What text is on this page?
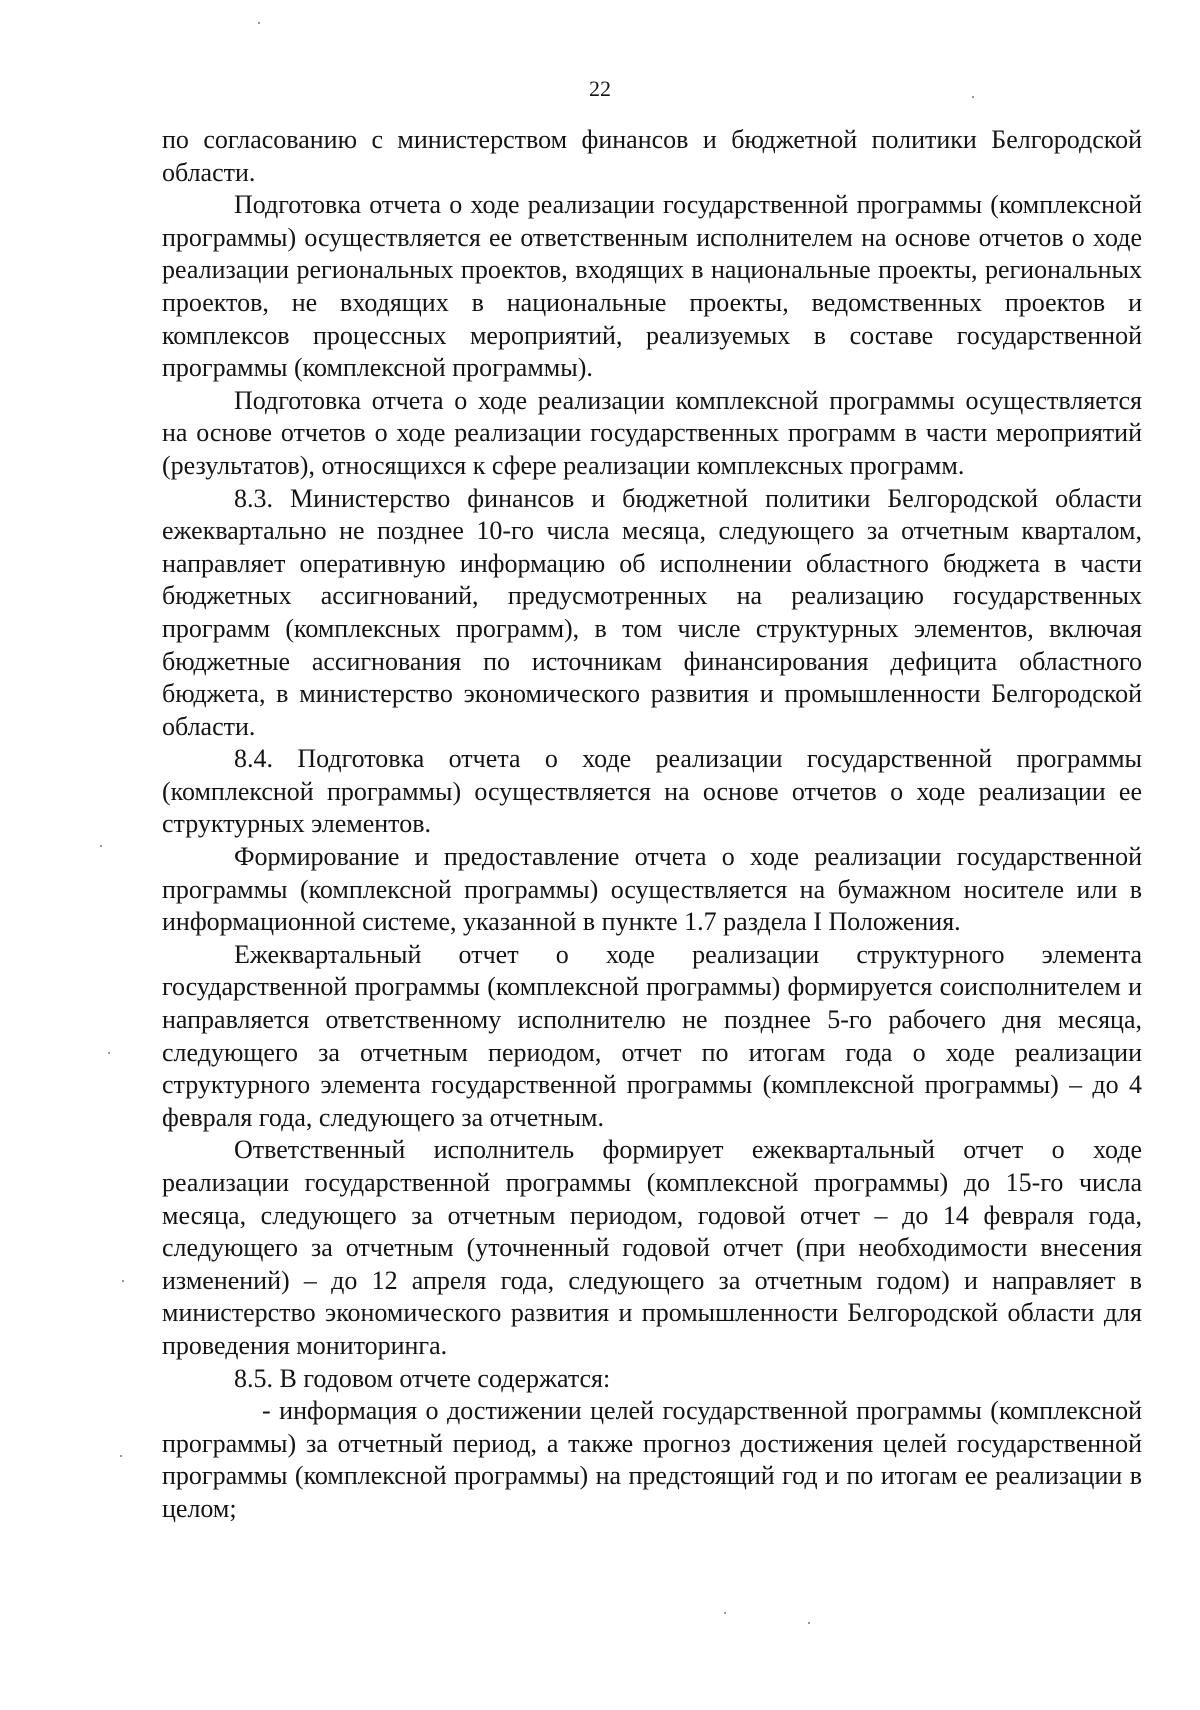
22

по согласованию с министерством финансов и бюджетной политики Белгородской области.

Подготовка отчета о ходе реализации государственной программы (комплексной программы) осуществляется ее ответственным исполнителем на основе отчетов о ходе реализации региональных проектов, входящих в национальные проекты, региональных проектов, не входящих в национальные проекты, ведомственных проектов и комплексов процессных мероприятий, реализуемых в составе государственной программы (комплексной программы).

Подготовка отчета о ходе реализации комплексной программы осуществляется на основе отчетов о ходе реализации государственных программ в части мероприятий (результатов), относящихся к сфере реализации комплексных программ.

8.3. Министерство финансов и бюджетной политики Белгородской области ежеквартально не позднее 10-го числа месяца, следующего за отчетным кварталом, направляет оперативную информацию об исполнении областного бюджета в части бюджетных ассигнований, предусмотренных на реализацию государственных программ (комплексных программ), в том числе структурных элементов, включая бюджетные ассигнования по источникам финансирования дефицита областного бюджета, в министерство экономического развития и промышленности Белгородской области.

8.4. Подготовка отчета о ходе реализации государственной программы (комплексной программы) осуществляется на основе отчетов о ходе реализации ее структурных элементов.

Формирование и предоставление отчета о ходе реализации государственной программы (комплексной программы) осуществляется на бумажном носителе или в информационной системе, указанной в пункте 1.7 раздела I Положения.

Ежеквартальный отчет о ходе реализации структурного элемента государственной программы (комплексной программы) формируется соисполнителем и направляется ответственному исполнителю не позднее 5-го рабочего дня месяца, следующего за отчетным периодом, отчет по итогам года о ходе реализации структурного элемента государственной программы (комплексной программы) – до 4 февраля года, следующего за отчетным.

Ответственный исполнитель формирует ежеквартальный отчет о ходе реализации государственной программы (комплексной программы) до 15-го числа месяца, следующего за отчетным периодом, годовой отчет – до 14 февраля года, следующего за отчетным (уточненный годовой отчет (при необходимости внесения изменений) – до 12 апреля года, следующего за отчетным годом) и направляет в министерство экономического развития и промышленности Белгородской области для проведения мониторинга.

8.5. В годовом отчете содержатся:

- информация о достижении целей государственной программы (комплексной программы) за отчетный период, а также прогноз достижения целей государственной программы (комплексной программы) на предстоящий год и по итогам ее реализации в целом;
